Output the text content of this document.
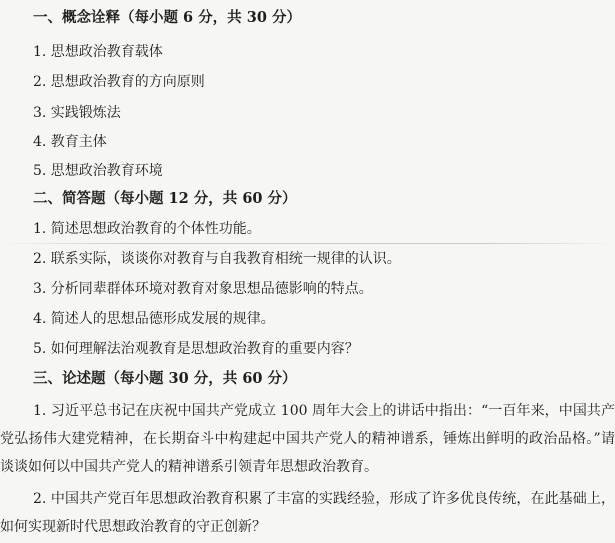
一、概念诠释（每小题 6 分，共 30 分）
1. 思想政治教育载体
2. 思想政治教育的方向原则
3. 实践锻炼法
4. 教育主体
5. 思想政治教育环境
二、简答题（每小题 12 分，共 60 分）
1. 简述思想政治教育的个体性功能。
2. 联系实际，谈谈你对教育与自我教育相统一规律的认识。
3. 分析同辈群体环境对教育对象思想品德影响的特点。
4. 简述人的思想品德形成发展的规律。
5. 如何理解法治观教育是思想政治教育的重要内容？
三、论述题（每小题 30 分，共 60 分）
1. 习近平总书记在庆祝中国共产党成立 100 周年大会上的讲话中指出：“一百年来，中国共产党弘扬伟大建党精神，在长期奋斗中构建起中国共产党人的精神谱系，锤炼出鲜明的政治品格。”请谈谈如何以中国共产党人的精神谱系引领青年思想政治教育。
2. 中国共产党百年思想政治教育积累了丰富的实践经验，形成了许多优良传统，在此基础上，如何实现新时代思想政治教育的守正创新？
